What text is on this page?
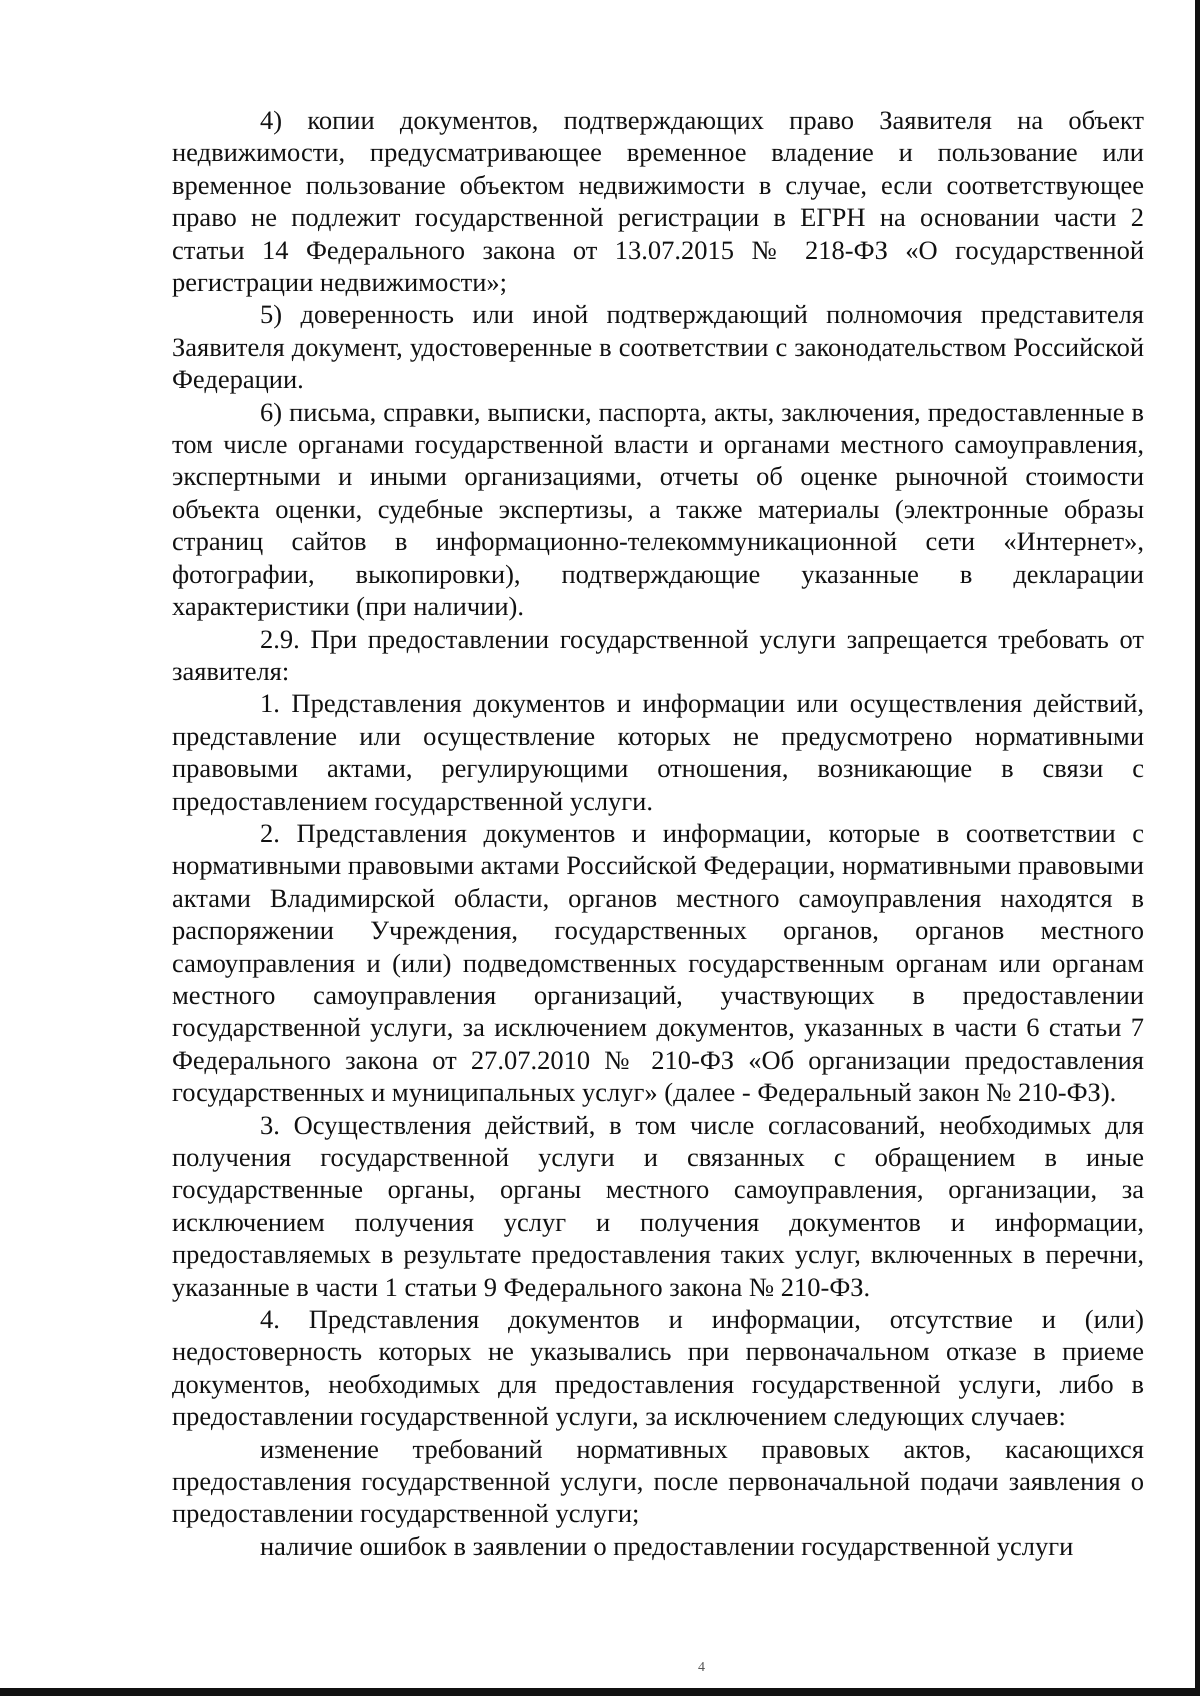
4) копии документов, подтверждающих право Заявителя на объект недвижимости, предусматривающее временное владение и пользование или временное пользование объектом недвижимости в случае, если соответствующее право не подлежит государственной регистрации в ЕГРН на основании части 2 статьи 14 Федерального закона от 13.07.2015 № 218-ФЗ «О государственной регистрации недвижимости»;

5) доверенность или иной подтверждающий полномочия представителя Заявителя документ, удостоверенные в соответствии с законодательством Российской Федерации.

6) письма, справки, выписки, паспорта, акты, заключения, предоставленные в том числе органами государственной власти и органами местного самоуправления, экспертными и иными организациями, отчеты об оценке рыночной стоимости объекта оценки, судебные экспертизы, а также материалы (электронные образы страниц сайтов в информационно-телекоммуникационной сети «Интернет», фотографии, выкопировки), подтверждающие указанные в декларации характеристики (при наличии).

2.9. При предоставлении государственной услуги запрещается требовать от заявителя:

1. Представления документов и информации или осуществления действий, представление или осуществление которых не предусмотрено нормативными правовыми актами, регулирующими отношения, возникающие в связи с предоставлением государственной услуги.

2. Представления документов и информации, которые в соответствии с нормативными правовыми актами Российской Федерации, нормативными правовыми актами Владимирской области, органов местного самоуправления находятся в распоряжении Учреждения, государственных органов, органов местного самоуправления и (или) подведомственных государственным органам или органам местного самоуправления организаций, участвующих в предоставлении государственной услуги, за исключением документов, указанных в части 6 статьи 7 Федерального закона от 27.07.2010 № 210-ФЗ «Об организации предоставления государственных и муниципальных услуг» (далее - Федеральный закон № 210-ФЗ).

3. Осуществления действий, в том числе согласований, необходимых для получения государственной услуги и связанных с обращением в иные государственные органы, органы местного самоуправления, организации, за исключением получения услуг и получения документов и информации, предоставляемых в результате предоставления таких услуг, включенных в перечни, указанные в части 1 статьи 9 Федерального закона № 210-ФЗ.

4. Представления документов и информации, отсутствие и (или) недостоверность которых не указывались при первоначальном отказе в приеме документов, необходимых для предоставления государственной услуги, либо в предоставлении государственной услуги, за исключением следующих случаев:

изменение требований нормативных правовых актов, касающихся предоставления государственной услуги, после первоначальной подачи заявления о предоставлении государственной услуги;

наличие ошибок в заявлении о предоставлении государственной услуги

4
